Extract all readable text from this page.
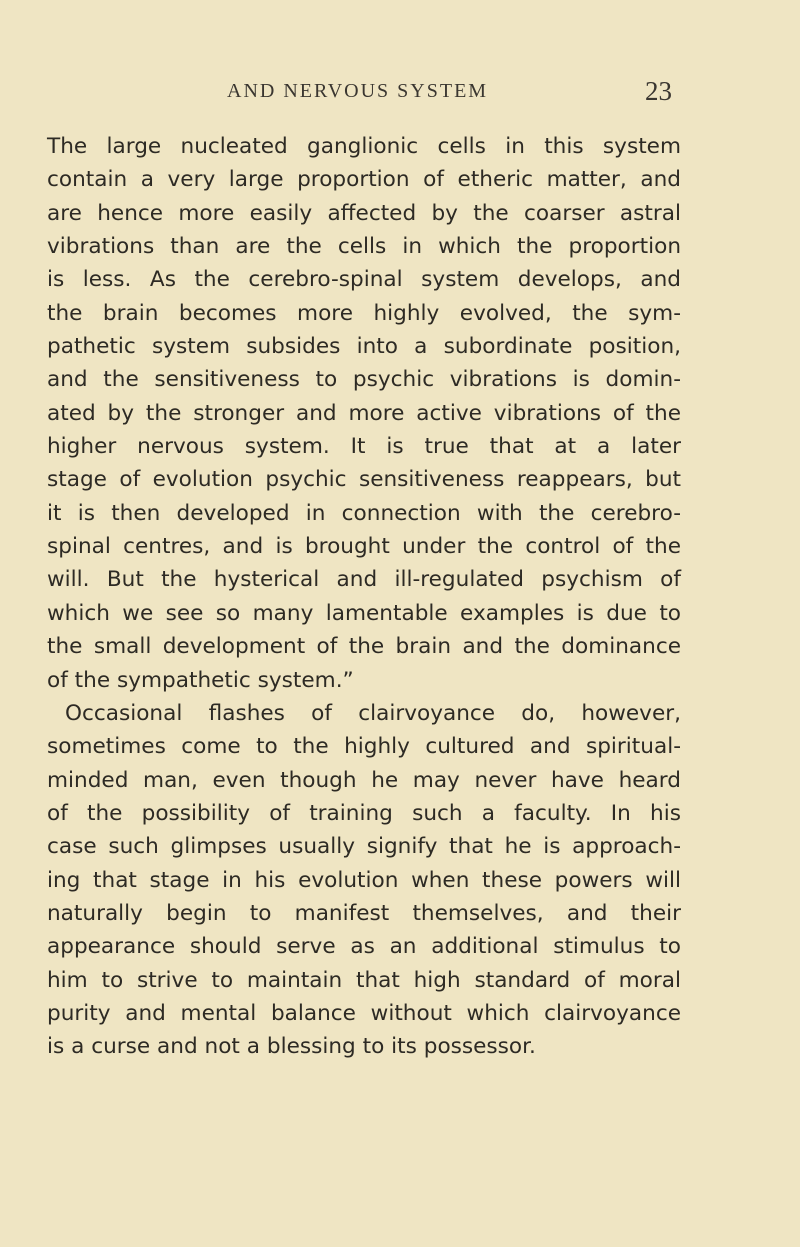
AND NERVOUS SYSTEM	23
The large nucleated ganglionic cells in this system
contain a very large proportion of etheric matter, and
are hence more easily affected by the coarser astral
vibrations than are the cells in which the proportion
is less. As the cerebro-spinal system develops, and
the brain becomes more highly evolved, the sym-
pathetic system subsides into a subordinate position,
and the sensitiveness to psychic vibrations is domin-
ated by the stronger and more active vibrations of the
higher nervous system. It is true that at a later
stage of evolution psychic sensitiveness reappears, but
it is then developed in connection with the cerebro-
spinal centres, and is brought under the control of the
will. But the hysterical and ill-regulated psychism of
which we see so many lamentable examples is due to
the small development of the brain and the dominance
of the sympathetic system.”
Occasional flashes of clairvoyance do, however,
sometimes come to the highly cultured and spiritual-
minded man, even though he may never have heard
of the possibility of training such a faculty. In his
case such glimpses usually signify that he is approach-
ing that stage in his evolution when these powers will
naturally begin to manifest themselves, and their
appearance should serve as an additional stimulus to
him to strive to maintain that high standard of moral
purity and mental balance without which clairvoyance
is a curse and not a blessing to its possessor.
